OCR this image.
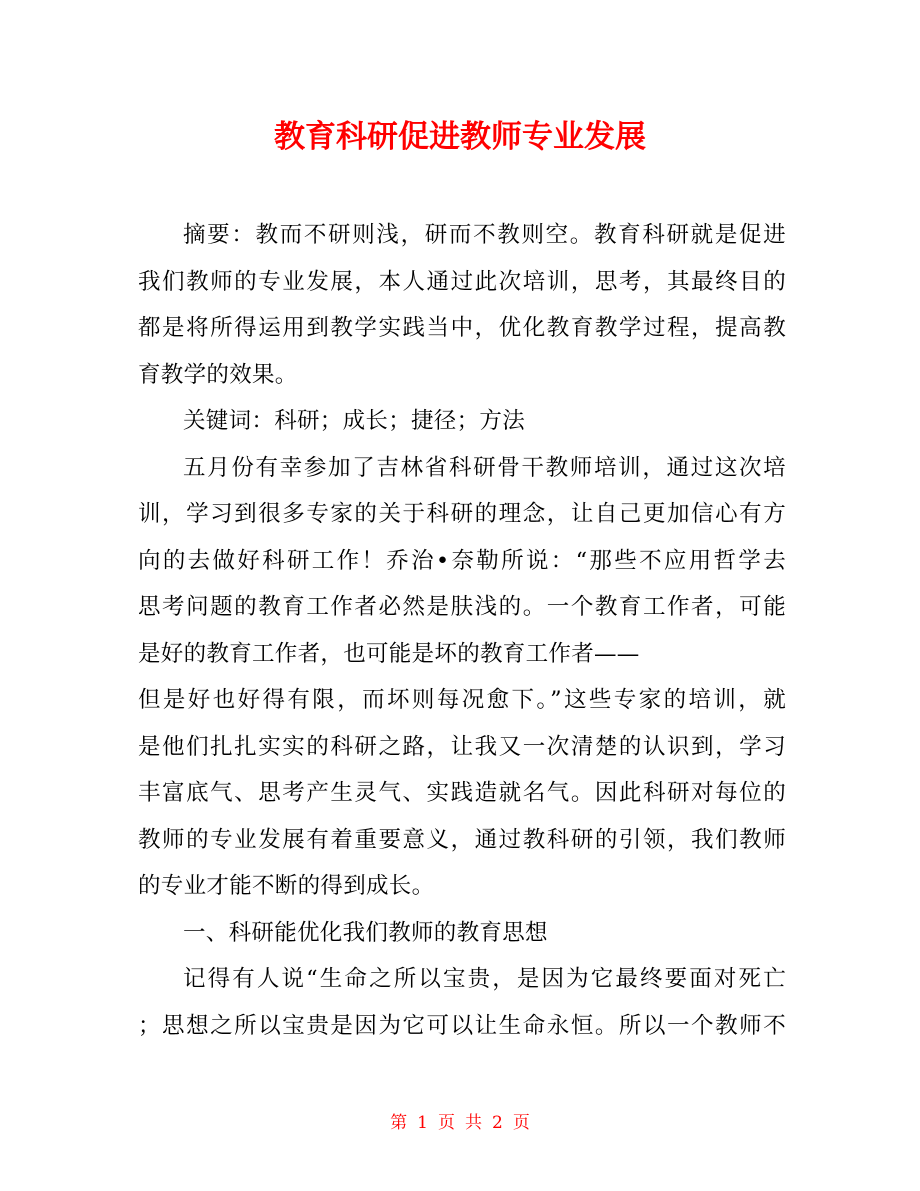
教育科研促进教师专业发展
摘要：教而不研则浅，研而不教则空。教育科研就是促进
我们教师的专业发展，本人通过此次培训，思考，其最终目的
都是将所得运用到教学实践当中，优化教育教学过程，提高教
育教学的效果。
关键词：科研；成长；捷径；方法
五月份有幸参加了吉林省科研骨干教师培训，通过这次培
训，学习到很多专家的关于科研的理念，让自己更加信心有方
向的去做好科研工作！乔治•奈勒所说：“那些不应用哲学去
思考问题的教育工作者必然是肤浅的。一个教育工作者，可能
是好的教育工作者，也可能是坏的教育工作者——
但是好也好得有限，而坏则每况愈下。”这些专家的培训，就
是他们扎扎实实的科研之路，让我又一次清楚的认识到，学习
丰富底气、思考产生灵气、实践造就名气。因此科研对每位的
教师的专业发展有着重要意义，通过教科研的引领，我们教师
的专业才能不断的得到成长。
一、科研能优化我们教师的教育思想
记得有人说“生命之所以宝贵，是因为它最终要面对死亡
；思想之所以宝贵是因为它可以让生命永恒。所以一个教师不
第 1 页 共 2 页
